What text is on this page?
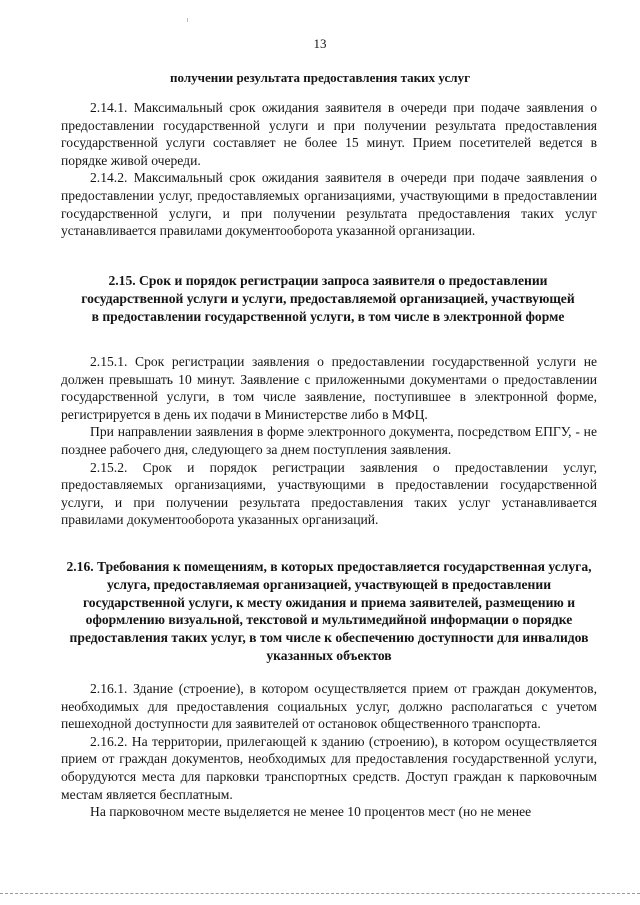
13
получении результата предоставления таких услуг

2.14.1. Максимальный срок ожидания заявителя в очереди при подаче заявления о предоставлении государственной услуги и при получении результата предоставления государственной услуги составляет не более 15 минут. Прием посетителей ведется в порядке живой очереди.

2.14.2. Максимальный срок ожидания заявителя в очереди при подаче заявления о предоставлении услуг, предоставляемых организациями, участвующими в предоставлении государственной услуги, и при получении результата предоставления таких услуг устанавливается правилами документооборота указанной организации.

2.15. Срок и порядок регистрации запроса заявителя о предоставлении государственной услуги и услуги, предоставляемой организацией, участвующей в предоставлении государственной услуги, в том числе в электронной форме

2.15.1. Срок регистрации заявления о предоставлении государственной услуги не должен превышать 10 минут. Заявление с приложенными документами о предоставлении государственной услуги, в том числе заявление, поступившее в электронной форме, регистрируется в день их подачи в Министерстве либо в МФЦ.

При направлении заявления в форме электронного документа, посредством ЕПГУ, - не позднее рабочего дня, следующего за днем поступления заявления.

2.15.2. Срок и порядок регистрации заявления о предоставлении услуг, предоставляемых организациями, участвующими в предоставлении государственной услуги, и при получении результата предоставления таких услуг устанавливается правилами документооборота указанных организаций.

2.16. Требования к помещениям, в которых предоставляется государственная услуга, услуга, предоставляемая организацией, участвующей в предоставлении государственной услуги, к месту ожидания и приема заявителей, размещению и оформлению визуальной, текстовой и мультимедийной информации о порядке предоставления таких услуг, в том числе к обеспечению доступности для инвалидов указанных объектов

2.16.1. Здание (строение), в котором осуществляется прием от граждан документов, необходимых для предоставления социальных услуг, должно располагаться с учетом пешеходной доступности для заявителей от остановок общественного транспорта.

2.16.2. На территории, прилегающей к зданию (строению), в котором осуществляется прием от граждан документов, необходимых для предоставления государственной услуги, оборудуются места для парковки транспортных средств. Доступ граждан к парковочным местам является бесплатным.

На парковочном месте выделяется не менее 10 процентов мест (но не менее
